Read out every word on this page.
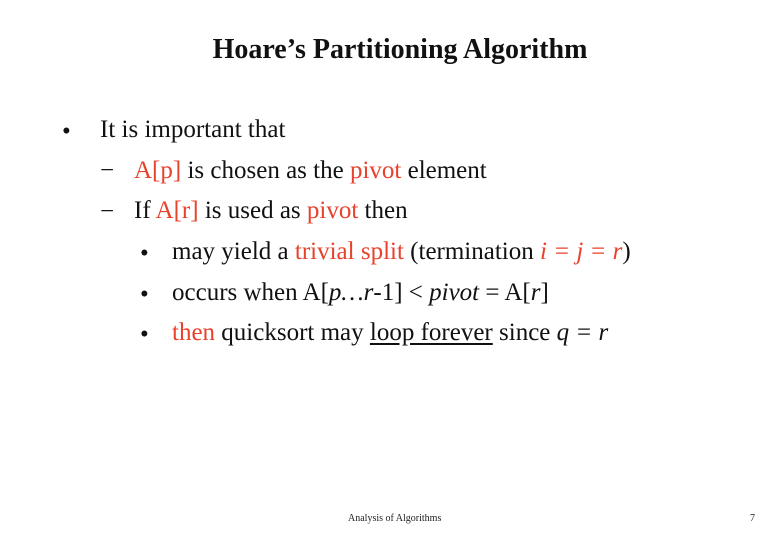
Hoare’s Partitioning Algorithm
• It is important that
− A[p] is chosen as the pivot element
− If A[r] is used as pivot then
• may yield a trivial split (termination i = j = r)
• occurs when A[p…r-1] < pivot = A[r]
• then quicksort may loop forever since q = r
Analysis of Algorithms	7
